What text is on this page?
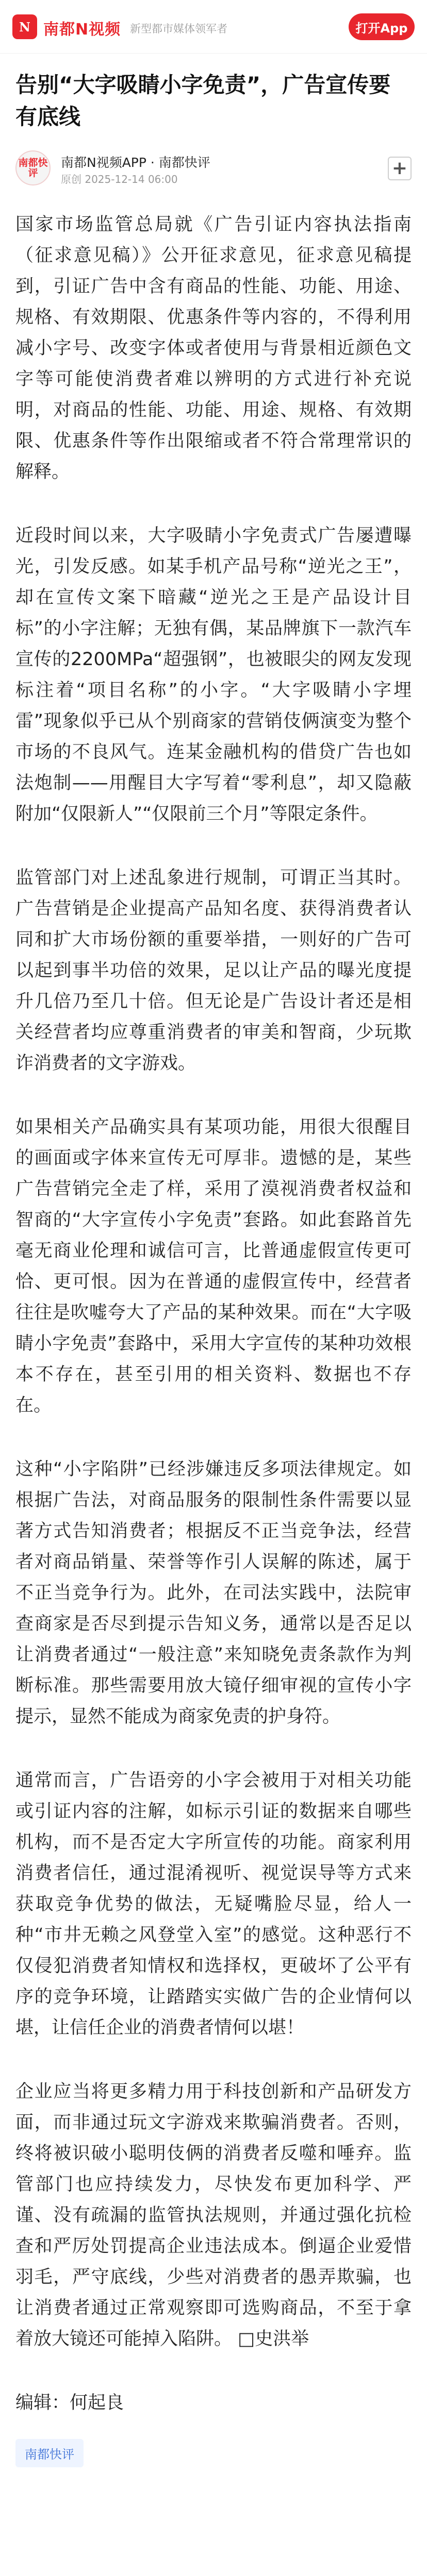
N 南都N视频 新型都市媒体领军者	打开App
告别“大字吸睛小字免责”，广告宣传要有底线
南都快评
南都N视频APP · 南都快评
原创 2025-12-14 06:00
+

国家市场监管总局就《广告引证内容执法指南（征求意见稿）》公开征求意见，征求意见稿提到，引证广告中含有商品的性能、功能、用途、规格、有效期限、优惠条件等内容的，不得利用减小字号、改变字体或者使用与背景相近颜色文字等可能使消费者难以辨明的方式进行补充说明，对商品的性能、功能、用途、规格、有效期限、优惠条件等作出限缩或者不符合常理常识的解释。

近段时间以来，大字吸睛小字免责式广告屡遭曝光，引发反感。如某手机产品号称“逆光之王”，却在宣传文案下暗藏“逆光之王是产品设计目标”的小字注解；无独有偶，某品牌旗下一款汽车宣传的2200MPa“超强钢”，也被眼尖的网友发现标注着“项目名称”的小字。“大字吸睛小字埋雷”现象似乎已从个别商家的营销伎俩演变为整个市场的不良风气。连某金融机构的借贷广告也如法炮制——用醒目大字写着“零利息”，却又隐蔽附加“仅限新人”“仅限前三个月”等限定条件。

监管部门对上述乱象进行规制，可谓正当其时。广告营销是企业提高产品知名度、获得消费者认同和扩大市场份额的重要举措，一则好的广告可以起到事半功倍的效果，足以让产品的曝光度提升几倍乃至几十倍。但无论是广告设计者还是相关经营者均应尊重消费者的审美和智商，少玩欺诈消费者的文字游戏。

如果相关产品确实具有某项功能，用很大很醒目的画面或字体来宣传无可厚非。遗憾的是，某些广告营销完全走了样，采用了漠视消费者权益和智商的“大字宣传小字免责”套路。如此套路首先毫无商业伦理和诚信可言，比普通虚假宣传更可恰、更可恨。因为在普通的虚假宣传中，经营者往往是吹嘘夸大了产品的某种效果。而在“大字吸睛小字免责”套路中，采用大字宣传的某种功效根本不存在，甚至引用的相关资料、数据也不存在。

这种“小字陷阱”已经涉嫌违反多项法律规定。如根据广告法，对商品服务的限制性条件需要以显著方式告知消费者；根据反不正当竞争法，经营者对商品销量、荣誉等作引人误解的陈述，属于不正当竞争行为。此外，在司法实践中，法院审查商家是否尽到提示告知义务，通常以是否足以让消费者通过“一般注意”来知晓免责条款作为判断标准。那些需要用放大镜仔细审视的宣传小字提示，显然不能成为商家免责的护身符。

通常而言，广告语旁的小字会被用于对相关功能或引证内容的注解，如标示引证的数据来自哪些机构，而不是否定大字所宣传的功能。商家利用消费者信任，通过混淆视听、视觉误导等方式来获取竞争优势的做法，无疑嘴脸尽显，给人一种“市井无赖之风登堂入室”的感觉。这种恶行不仅侵犯消费者知情权和选择权，更破坏了公平有序的竞争环境，让踏踏实实做广告的企业情何以堪，让信任企业的消费者情何以堪！

企业应当将更多精力用于科技创新和产品研发方面，而非通过玩文字游戏来欺骗消费者。否则，终将被识破小聪明伎俩的消费者反噬和唾弃。监管部门也应持续发力，尽快发布更加科学、严谨、没有疏漏的监管执法规则，并通过强化抗检查和严厉处罚提高企业违法成本。倒逼企业爱惜羽毛，严守底线，少些对消费者的愚弄欺骗，也让消费者通过正常观察即可选购商品，不至于拿着放大镜还可能掉入陷阱。 □史洪举

编辑：何起良
南都快评
